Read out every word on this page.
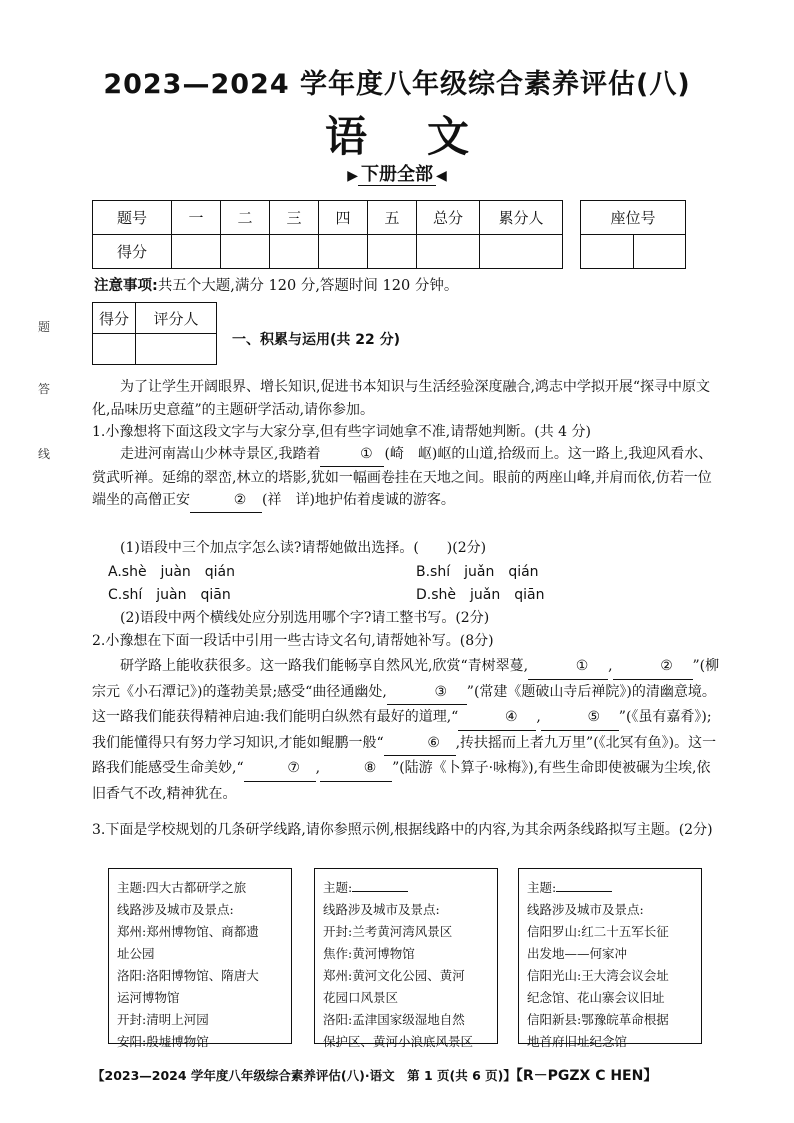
题
答
线
2023—2024 学年度八年级综合素养评估(八)
语文
▶ 下册全部 ◀
题号	一	二	三	四	五	总分	累分人
得分							
座位号

注意事项:共五个大题,满分 120 分,答题时间 120 分钟。
得分	评分人

一、积累与运用(共 22 分)
为了让学生开阔眼界、增长知识,促进书本知识与生活经验深度融合,鸿志中学拟开展“探寻中原文化,品味历史意蕴”的主题研学活动,请你参加。
1.小豫想将下面这段文字与大家分享,但有些字词她拿不准,请帮她判断。(共 4 分)
走进河南嵩山少林寺景区,我踏着	① (崎　岖)岖的山道,拾级而上。这一路上,我迎风看水、赏武听禅。延绵的翠峦,林立的塔影,犹如一幅画卷挂在天地之间。眼前的两座山峰,并肩而依,仿若一位端坐的高僧正安	② (祥　详)地护佑着虔诚的游客。
(1)语段中三个加点字怎么读?请帮她做出选择。(　　)(2分)
A.shè　juàn　qián	B.shí　juǎn　qián
C.shí　juàn　qiān	D.shè　juǎn　qiān
(2)语段中两个横线处应分别选用哪个字?请工整书写。(2分)
2.小豫想在下面一段话中引用一些古诗文名句,请帮她补写。(8分)
研学路上能收获很多。这一路我们能畅享自然风光,欣赏“青树翠蔓,	① ,	② ”(柳宗元《小石潭记》)的蓬勃美景;感受“曲径通幽处,	③ ”(常建《题破山寺后禅院》)的清幽意境。这一路我们能获得精神启迪:我们能明白纵然有最好的道理,“	④ ,	⑤ ”(《虽有嘉肴》);我们能懂得只有努力学习知识,才能如鲲鹏一般“	⑥ ,抟扶摇而上者九万里”(《北冥有鱼》)。这一路我们能感受生命美妙,“	⑦ ,	⑧ ”(陆游《卜算子·咏梅》),有些生命即使被碾为尘埃,依旧香气不改,精神犹在。
3.下面是学校规划的几条研学线路,请你参照示例,根据线路中的内容,为其余两条线路拟写主题。(2分)
主题:四大古都研学之旅
线路涉及城市及景点:
郑州:郑州博物馆、商都遗
址公园
洛阳:洛阳博物馆、隋唐大
运河博物馆
开封:清明上河园
安阳:殷墟博物馆
主题:
线路涉及城市及景点:
开封:兰考黄河湾风景区
焦作:黄河博物馆
郑州:黄河文化公园、黄河
花园口风景区
洛阳:孟津国家级湿地自然
保护区、黄河小浪底风景区
主题:
线路涉及城市及景点:
信阳罗山:红二十五军长征
出发地——何家冲
信阳光山:王大湾会议会址
纪念馆、花山寨会议旧址
信阳新县:鄂豫皖革命根据
地首府旧址纪念馆
【2023—2024 学年度八年级综合素养评估(八)·语文　第 1 页(共 6 页)】【R－PGZX C HEN】
